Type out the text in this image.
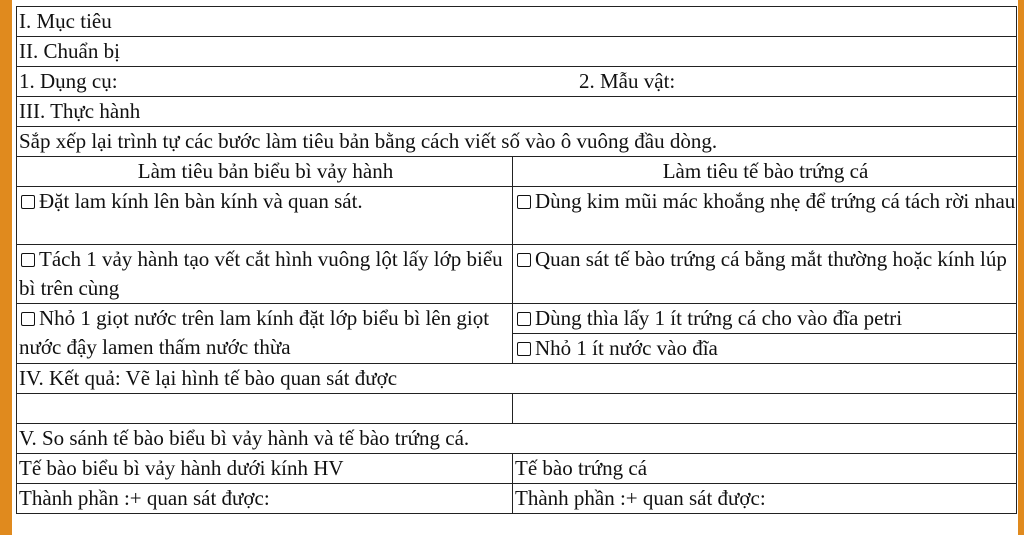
I. Mục tiêu	
II. Chuẩn bị	
1. Dụng cụ: 2. Mẫu vật:	
III. Thực hành	
Sắp xếp lại trình tự các bước làm tiêu bản bằng cách viết số vào ô vuông đầu dòng.	
Làm tiêu bản biểu bì vảy hành	Làm tiêu tế bào trứng cá
Đặt lam kính lên bàn kính và quan sát.	Dùng kim mũi mác khoắng nhẹ để trứng cá tách rời nhau
Tách 1 vảy hành tạo vết cắt hình vuông lột lấy lớp biểu bì trên cùng	Quan sát tế bào trứng cá bằng mắt thường hoặc kính lúp
Nhỏ 1 giọt nước trên lam kính đặt lớp biểu bì lên giọt nước đậy lamen thấm nước thừa	Dùng thìa lấy 1 ít trứng cá cho vào đĩa petri
	Nhỏ 1 ít nước vào đĩa
IV. Kết quả: Vẽ lại hình tế bào quan sát được	

V. So sánh tế bào biểu bì vảy hành và tế bào trứng cá.	
Tế bào biểu bì vảy hành dưới kính HV	Tế bào trứng cá
Thành phần :+ quan sát được:	Thành phần :+ quan sát được:
